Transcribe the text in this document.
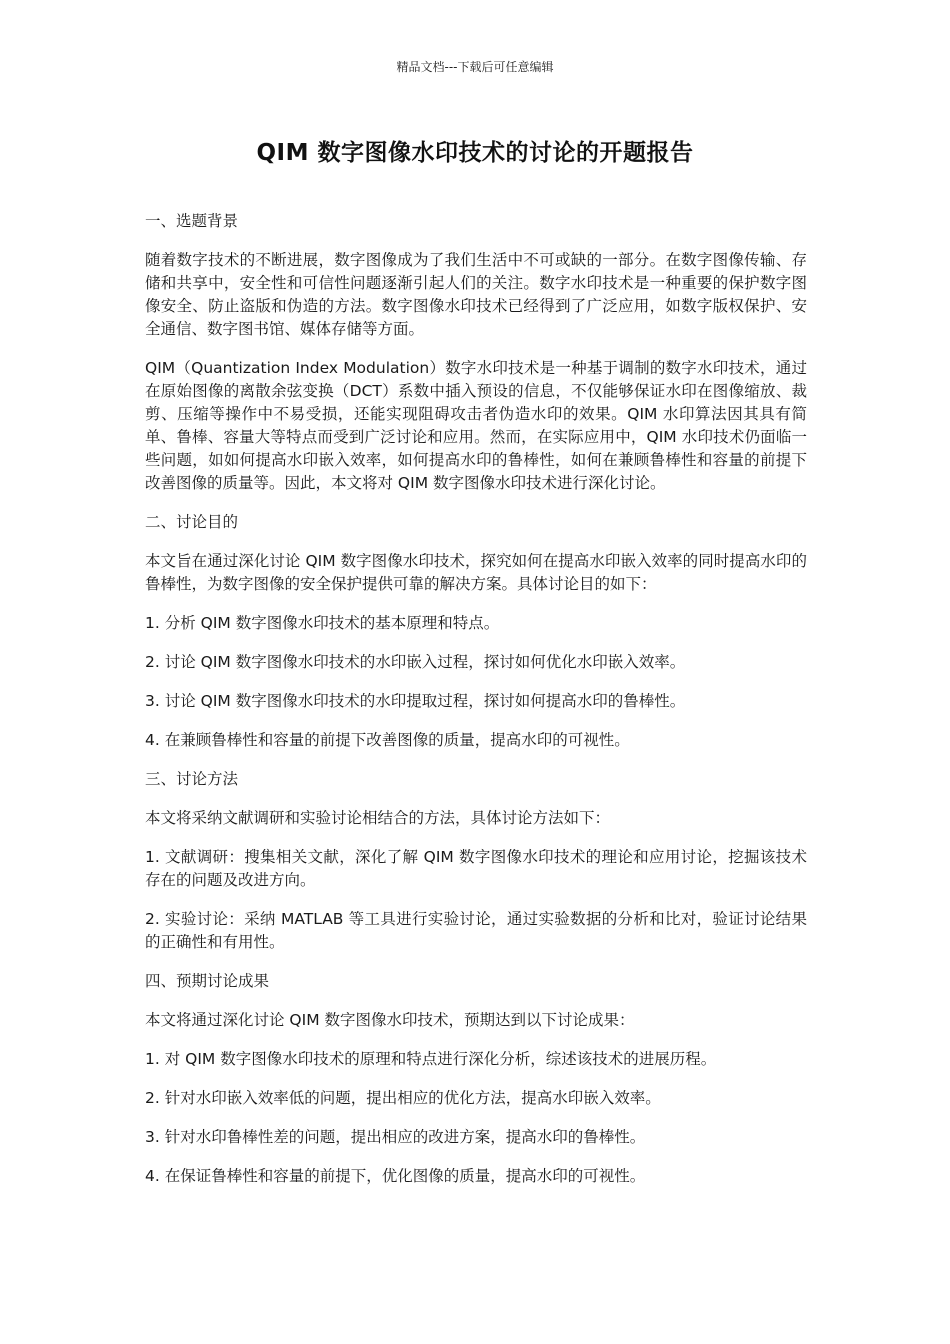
精品文档---下载后可任意编辑
QIM 数字图像水印技术的讨论的开题报告

一、选题背景

随着数字技术的不断进展，数字图像成为了我们生活中不可或缺的一部分。在数字图像传输、存储和共享中，安全性和可信性问题逐渐引起人们的关注。数字水印技术是一种重要的保护数字图像安全、防止盗版和伪造的方法。数字图像水印技术已经得到了广泛应用，如数字版权保护、安全通信、数字图书馆、媒体存储等方面。

QIM（Quantization Index Modulation）数字水印技术是一种基于调制的数字水印技术，通过在原始图像的离散余弦变换（DCT）系数中插入预设的信息，不仅能够保证水印在图像缩放、裁剪、压缩等操作中不易受损，还能实现阻碍攻击者伪造水印的效果。QIM 水印算法因其具有简单、鲁棒、容量大等特点而受到广泛讨论和应用。然而，在实际应用中，QIM 水印技术仍面临一些问题，如如何提高水印嵌入效率，如何提高水印的鲁棒性，如何在兼顾鲁棒性和容量的前提下改善图像的质量等。因此，本文将对 QIM 数字图像水印技术进行深化讨论。

二、讨论目的

本文旨在通过深化讨论 QIM 数字图像水印技术，探究如何在提高水印嵌入效率的同时提高水印的鲁棒性，为数字图像的安全保护提供可靠的解决方案。具体讨论目的如下：

1. 分析 QIM 数字图像水印技术的基本原理和特点。

2. 讨论 QIM 数字图像水印技术的水印嵌入过程，探讨如何优化水印嵌入效率。

3. 讨论 QIM 数字图像水印技术的水印提取过程，探讨如何提高水印的鲁棒性。

4. 在兼顾鲁棒性和容量的前提下改善图像的质量，提高水印的可视性。

三、讨论方法

本文将采纳文献调研和实验讨论相结合的方法，具体讨论方法如下：

1. 文献调研：搜集相关文献，深化了解 QIM 数字图像水印技术的理论和应用讨论，挖掘该技术存在的问题及改进方向。

2. 实验讨论：采纳 MATLAB 等工具进行实验讨论，通过实验数据的分析和比对，验证讨论结果的正确性和有用性。

四、预期讨论成果

本文将通过深化讨论 QIM 数字图像水印技术，预期达到以下讨论成果：

1. 对 QIM 数字图像水印技术的原理和特点进行深化分析，综述该技术的进展历程。

2. 针对水印嵌入效率低的问题，提出相应的优化方法，提高水印嵌入效率。

3. 针对水印鲁棒性差的问题，提出相应的改进方案，提高水印的鲁棒性。

4. 在保证鲁棒性和容量的前提下，优化图像的质量，提高水印的可视性。
